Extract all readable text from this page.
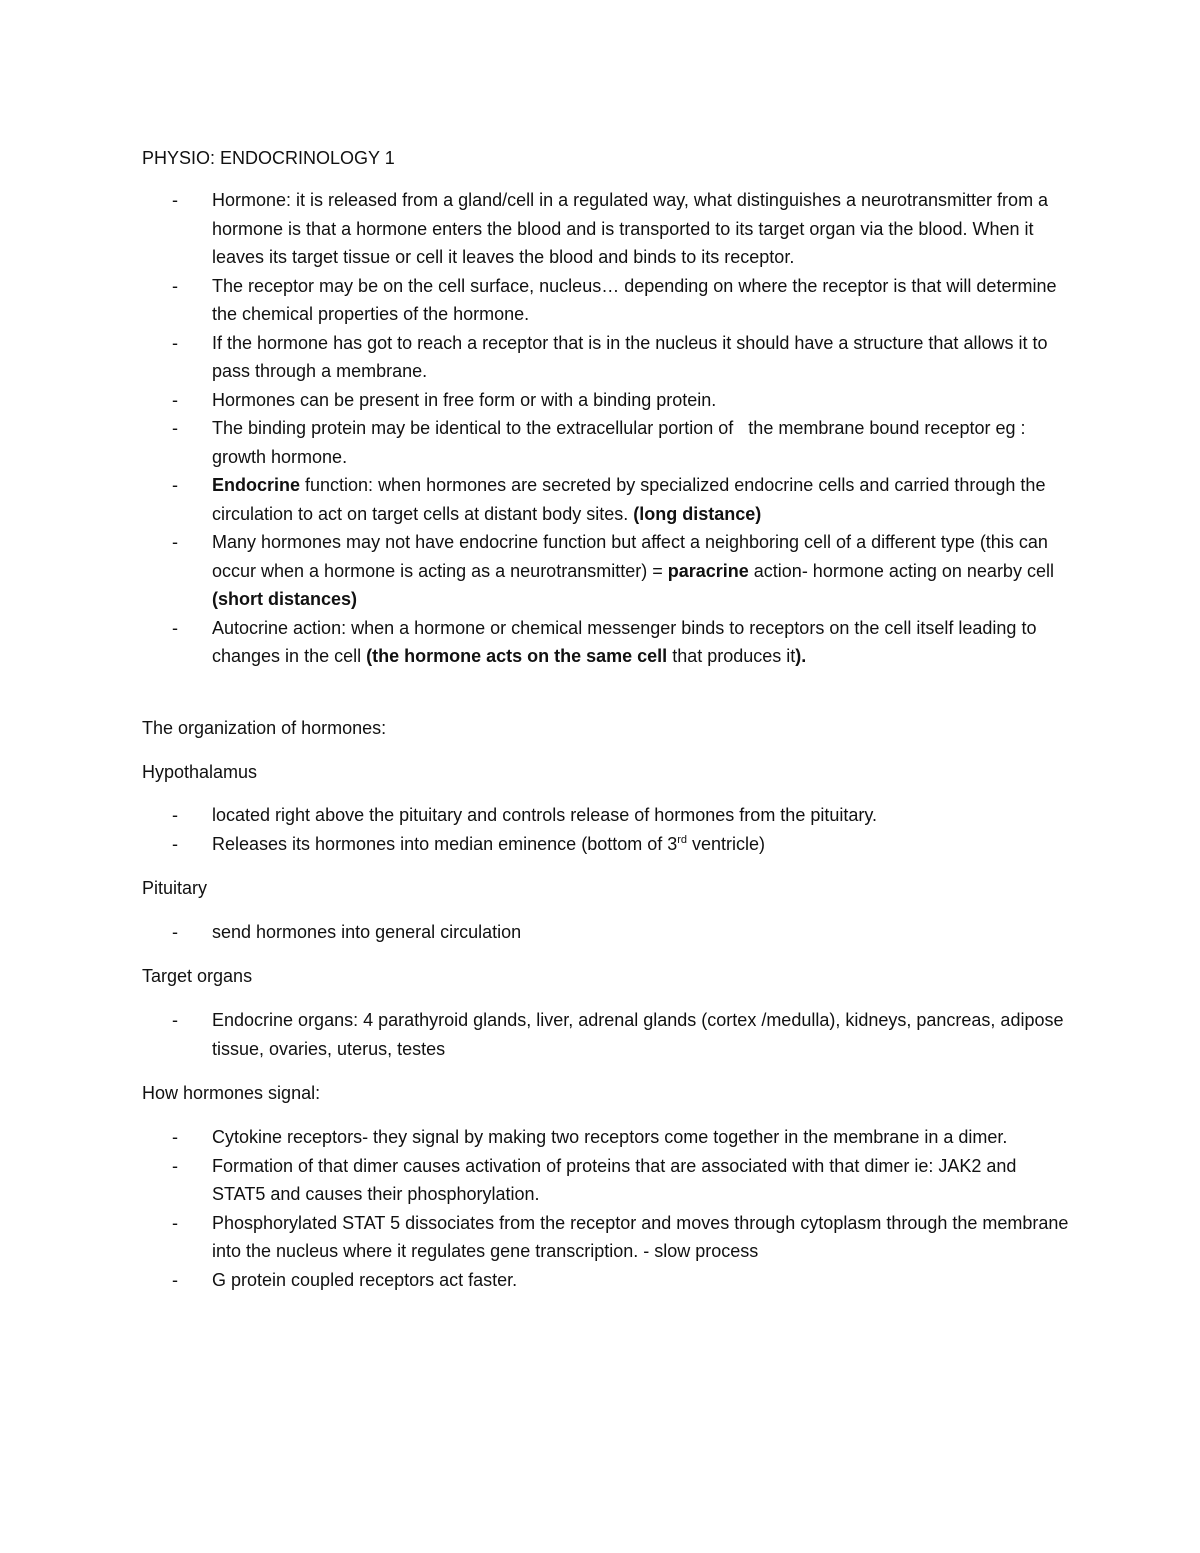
PHYSIO: ENDOCRINOLOGY 1
- Hormone: it is released from a gland/cell in a regulated way, what distinguishes a neurotransmitter from a hormone is that a hormone enters the blood and is transported to its target organ via the blood. When it leaves its target tissue or cell it leaves the blood and binds to its receptor.
- The receptor may be on the cell surface, nucleus… depending on where the receptor is that will determine the chemical properties of the hormone.
- If the hormone has got to reach a receptor that is in the nucleus it should have a structure that allows it to pass through a membrane.
- Hormones can be present in free form or with a binding protein.
- The binding protein may be identical to the extracellular portion of   the membrane bound receptor eg : growth hormone.
- Endocrine function: when hormones are secreted by specialized endocrine cells and carried through the circulation to act on target cells at distant body sites. (long distance)
- Many hormones may not have endocrine function but affect a neighboring cell of a different type (this can occur when a hormone is acting as a neurotransmitter) = paracrine action- hormone acting on nearby cell (short distances)
- Autocrine action: when a hormone or chemical messenger binds to receptors on the cell itself leading to changes in the cell (the hormone acts on the same cell that produces it).

The organization of hormones:

Hypothalamus

- located right above the pituitary and controls release of hormones from the pituitary.
- Releases its hormones into median eminence (bottom of 3rd ventricle)

Pituitary

- send hormones into general circulation

Target organs

- Endocrine organs: 4 parathyroid glands, liver, adrenal glands (cortex /medulla), kidneys, pancreas, adipose tissue, ovaries, uterus, testes

How hormones signal:

- Cytokine receptors- they signal by making two receptors come together in the membrane in a dimer.
- Formation of that dimer causes activation of proteins that are associated with that dimer ie: JAK2 and STAT5 and causes their phosphorylation.
- Phosphorylated STAT 5 dissociates from the receptor and moves through cytoplasm through the membrane into the nucleus where it regulates gene transcription. - slow process
- G protein coupled receptors act faster.
